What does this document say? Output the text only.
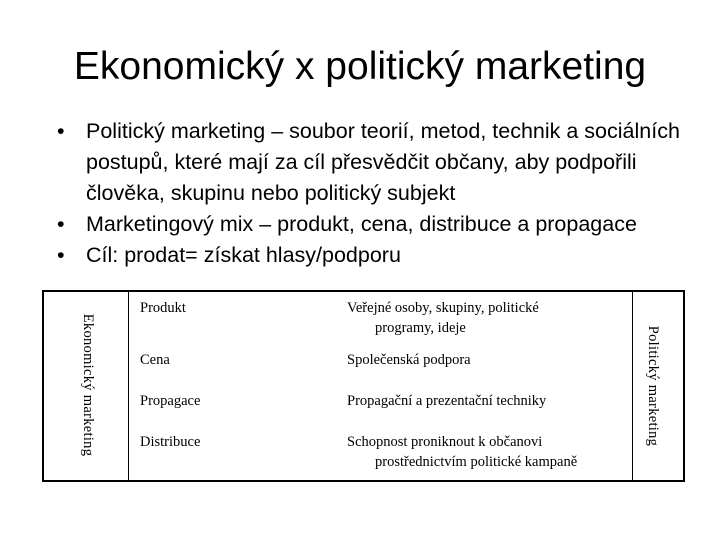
Ekonomický x politický marketing
• Politický marketing – soubor teorií, metod, technik a sociálních postupů, které mají za cíl přesvědčit občany, aby podpořili člověka, skupinu nebo politický subjekt
• Marketingový mix – produkt, cena, distribuce a propagace
• Cíl: prodat= získat hlasy/podporu
Ekonomický marketing	Politický marketing
Produkt	Veřejné osoby, skupiny, politické
programy, ideje
Cena	Společenská podpora
Propagace	Propagační a prezentační techniky
Distribuce	Schopnost proniknout k občanovi
prostřednictvím politické kampaně
